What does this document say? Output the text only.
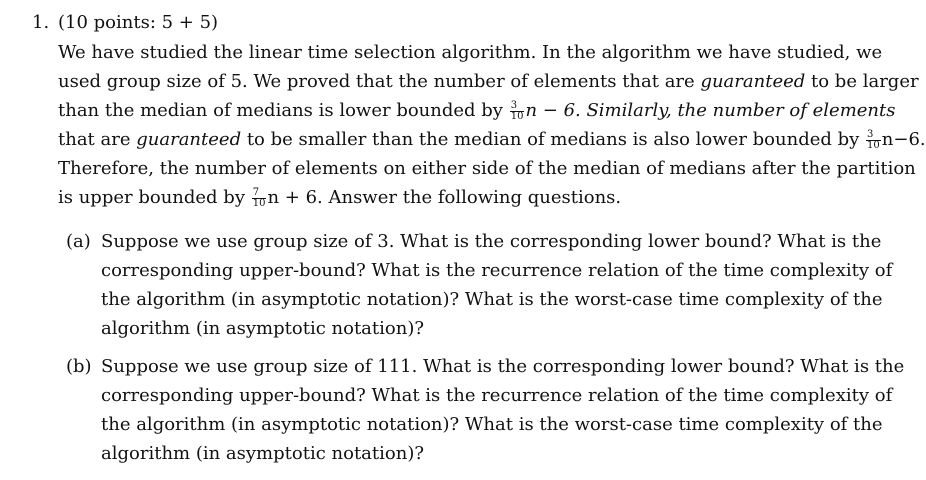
1. (10 points: 5 + 5)
We have studied the linear time selection algorithm. In the algorithm we have studied, we
used group size of 5. We proved that the number of elements that are guaranteed to be larger
than the median of medians is lower bounded by $\frac{3}{10}$ n − 6. Similarly, the number of elements
that are guaranteed to be smaller than the median of medians is also lower bounded by $\frac{3}{10} n-6$.
Therefore, the number of elements on either side of the median of medians after the partition
is upper bounded by $\frac{7}{10}$ n + 6. Answer the following questions.
(a) Suppose we use group size of 3. What is the corresponding lower bound? What is the
corresponding upper-bound? What is the recurrence relation of the time complexity of
the algorithm (in asymptotic notation)? What is the worst-case time complexity of the
algorithm (in asymptotic notation)?
(b) Suppose we use group size of 111. What is the corresponding lower bound? What is the
corresponding upper-bound? What is the recurrence relation of the time complexity of
the algorithm (in asymptotic notation)? What is the worst-case time complexity of the
algorithm (in asymptotic notation)?
